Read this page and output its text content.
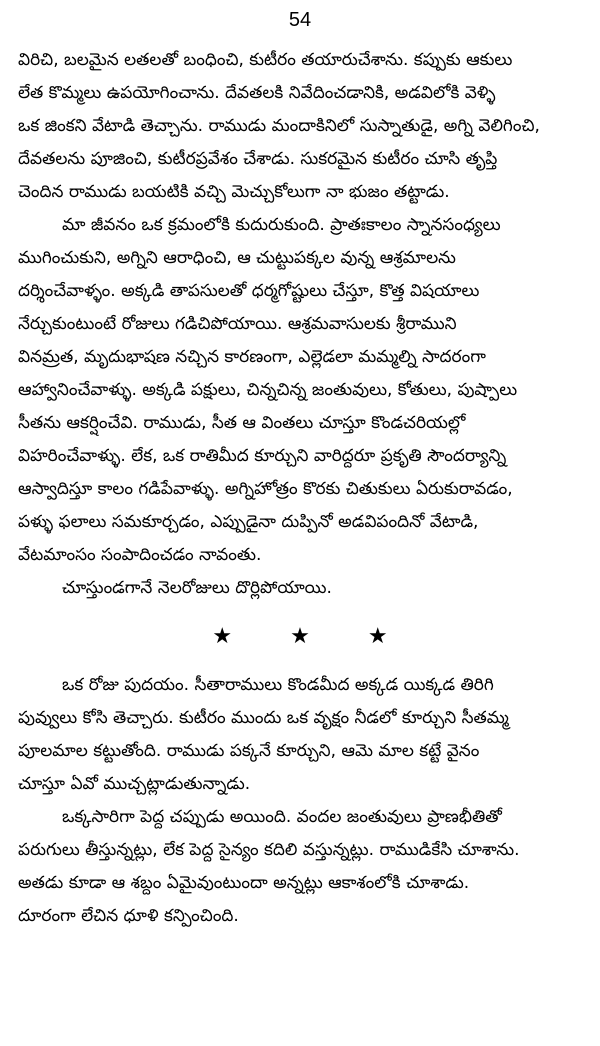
54
విరిచి, బలమైన లతలతో బంధించి, కుటీరం తయారుచేశాను. కప్పుకు ఆకులు
లేత కొమ్మలు ఉపయోగించాను. దేవతలకి నివేదించడానికి, అడవిలోకి వెళ్ళి
ఒక జింకని వేటాడి తెచ్చాను. రాముడు మందాకినిలో సుస్నాతుడై, అగ్ని వెలిగించి,
దేవతలను పూజించి, కుటీరప్రవేశం చేశాడు. సుకరమైన కుటీరం చూసి తృప్తి
చెందిన రాముడు బయటికి వచ్చి మెచ్చుకోలుగా నా భుజం తట్టాడు.
మా జీవనం ఒక క్రమంలోకి కుదురుకుంది. ప్రాతఃకాలం స్నానసంధ్యలు
ముగించుకుని, అగ్నిని ఆరాధించి, ఆ చుట్టుపక్కల వున్న ఆశ్రమాలను
దర్శించేవాళ్ళం. అక్కడి తాపసులతో ధర్మగోష్టులు చేస్తూ, కొత్త విషయాలు
నేర్చుకుంటుంటే రోజులు గడిచిపోయాయి. ఆశ్రమవాసులకు శ్రీరాముని
వినమ్రత, మృదుభాషణ నచ్చిన కారణంగా, ఎల్లెడలా మమ్మల్ని సాదరంగా
ఆహ్వానించేవాళ్ళు. అక్కడి పక్షులు, చిన్నచిన్న జంతువులు, కోతులు, పుష్పాలు
సీతను ఆకర్షించేవి. రాముడు, సీత ఆ వింతలు చూస్తూ కొండచరియల్లో
విహరించేవాళ్ళు. లేక, ఒక రాతిమీద కూర్చుని వారిద్దరూ ప్రకృతి సౌందర్యాన్ని
ఆస్వాదిస్తూ కాలం గడిపేవాళ్ళు. అగ్నిహోత్రం కొరకు చితుకులు ఏరుకురావడం,
పళ్ళు ఫలాలు సమకూర్చడం, ఎప్పుడైనా దుప్పినో అడవిపందినో వేటాడి,
వేటమాంసం సంపాదించడం నావంతు.
చూస్తుండగానే నెలరోజులు దొర్లిపోయాయి.
★	★	★
ఒక రోజు పుదయం. సీతారాములు కొండమీద అక్కడ యిక్కడ తిరిగి
పువ్వులు కోసి తెచ్చారు. కుటీరం ముందు ఒక వృక్షం నీడలో కూర్చుని సీతమ్మ
పూలమాల కట్టుతోంది. రాముడు పక్కనే కూర్చుని, ఆమె మాల కట్టే వైనం
చూస్తూ ఏవో ముచ్చట్లాడుతున్నాడు.
ఒక్కసారిగా పెద్ద చప్పుడు అయింది. వందల జంతువులు ప్రాణభీతితో
పరుగులు తీస్తున్నట్లు, లేక పెద్ద సైన్యం కదిలి వస్తున్నట్లు. రాముడికేసి చూశాను.
అతడు కూడా ఆ శబ్దం ఏమైవుంటుందా అన్నట్లు ఆకాశంలోకి చూశాడు.
దూరంగా లేచిన ధూళి కన్పించింది.
